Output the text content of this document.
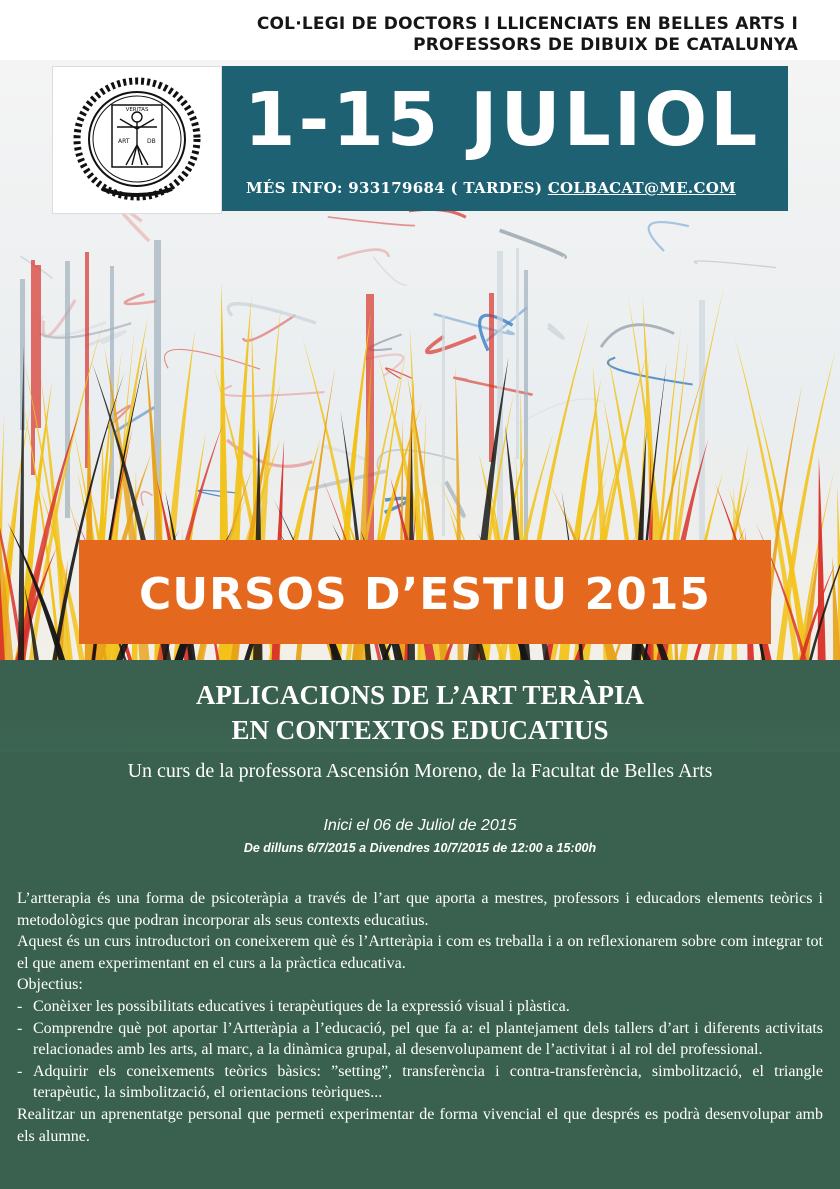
COL·LEGI DE DOCTORS I LLICENCIATS EN BELLES ARTS I
PROFESSORS DE DIBUIX DE CATALUNYA
VERITAS
ART	DB 1-15 JULIOL
MÉS INFO: 933179684 ( TARDES) COLBACAT@ME.COM
CURSOS D’ESTIU 2015
APLICACIONS DE L’ART TERÀPIA
EN CONTEXTOS EDUCATIUS
Un curs de la professora Ascensión Moreno, de la Facultat de Belles Arts
Inici el 06 de Juliol de 2015
De dilluns 6/7/2015 a Divendres 10/7/2015 de 12:00 a 15:00h

L’artterapia és una forma de psicoteràpia a través de l’art que aporta a mestres, professors i educadors elements teòrics i metodològics que podran incorporar als seus contexts educatius.

Aquest és un curs introductori on coneixerem què és l’Artteràpia i com es treballa i a on reflexionarem sobre com integrar tot el que anem experimentant en el curs a la pràctica educativa.

Objectius:

- Conèixer les possibilitats educatives i terapèutiques de la expressió visual i plàstica.
- Comprendre què pot aportar l’Artteràpia a l’educació, pel que fa a: el plantejament dels tallers d’art i diferents activitats relacionades amb les arts, al marc, a la dinàmica grupal, al desenvolupament de l’activitat i al rol del professional.
- Adquirir els coneixements teòrics bàsics: ”setting”, transferència i contra-transferència, simbolització, el triangle terapèutic, la simbolització, el orientacions teòriques...

Realitzar un aprenentatge personal que permeti experimentar de forma vivencial el que després es podrà desenvolupar amb els alumne.
